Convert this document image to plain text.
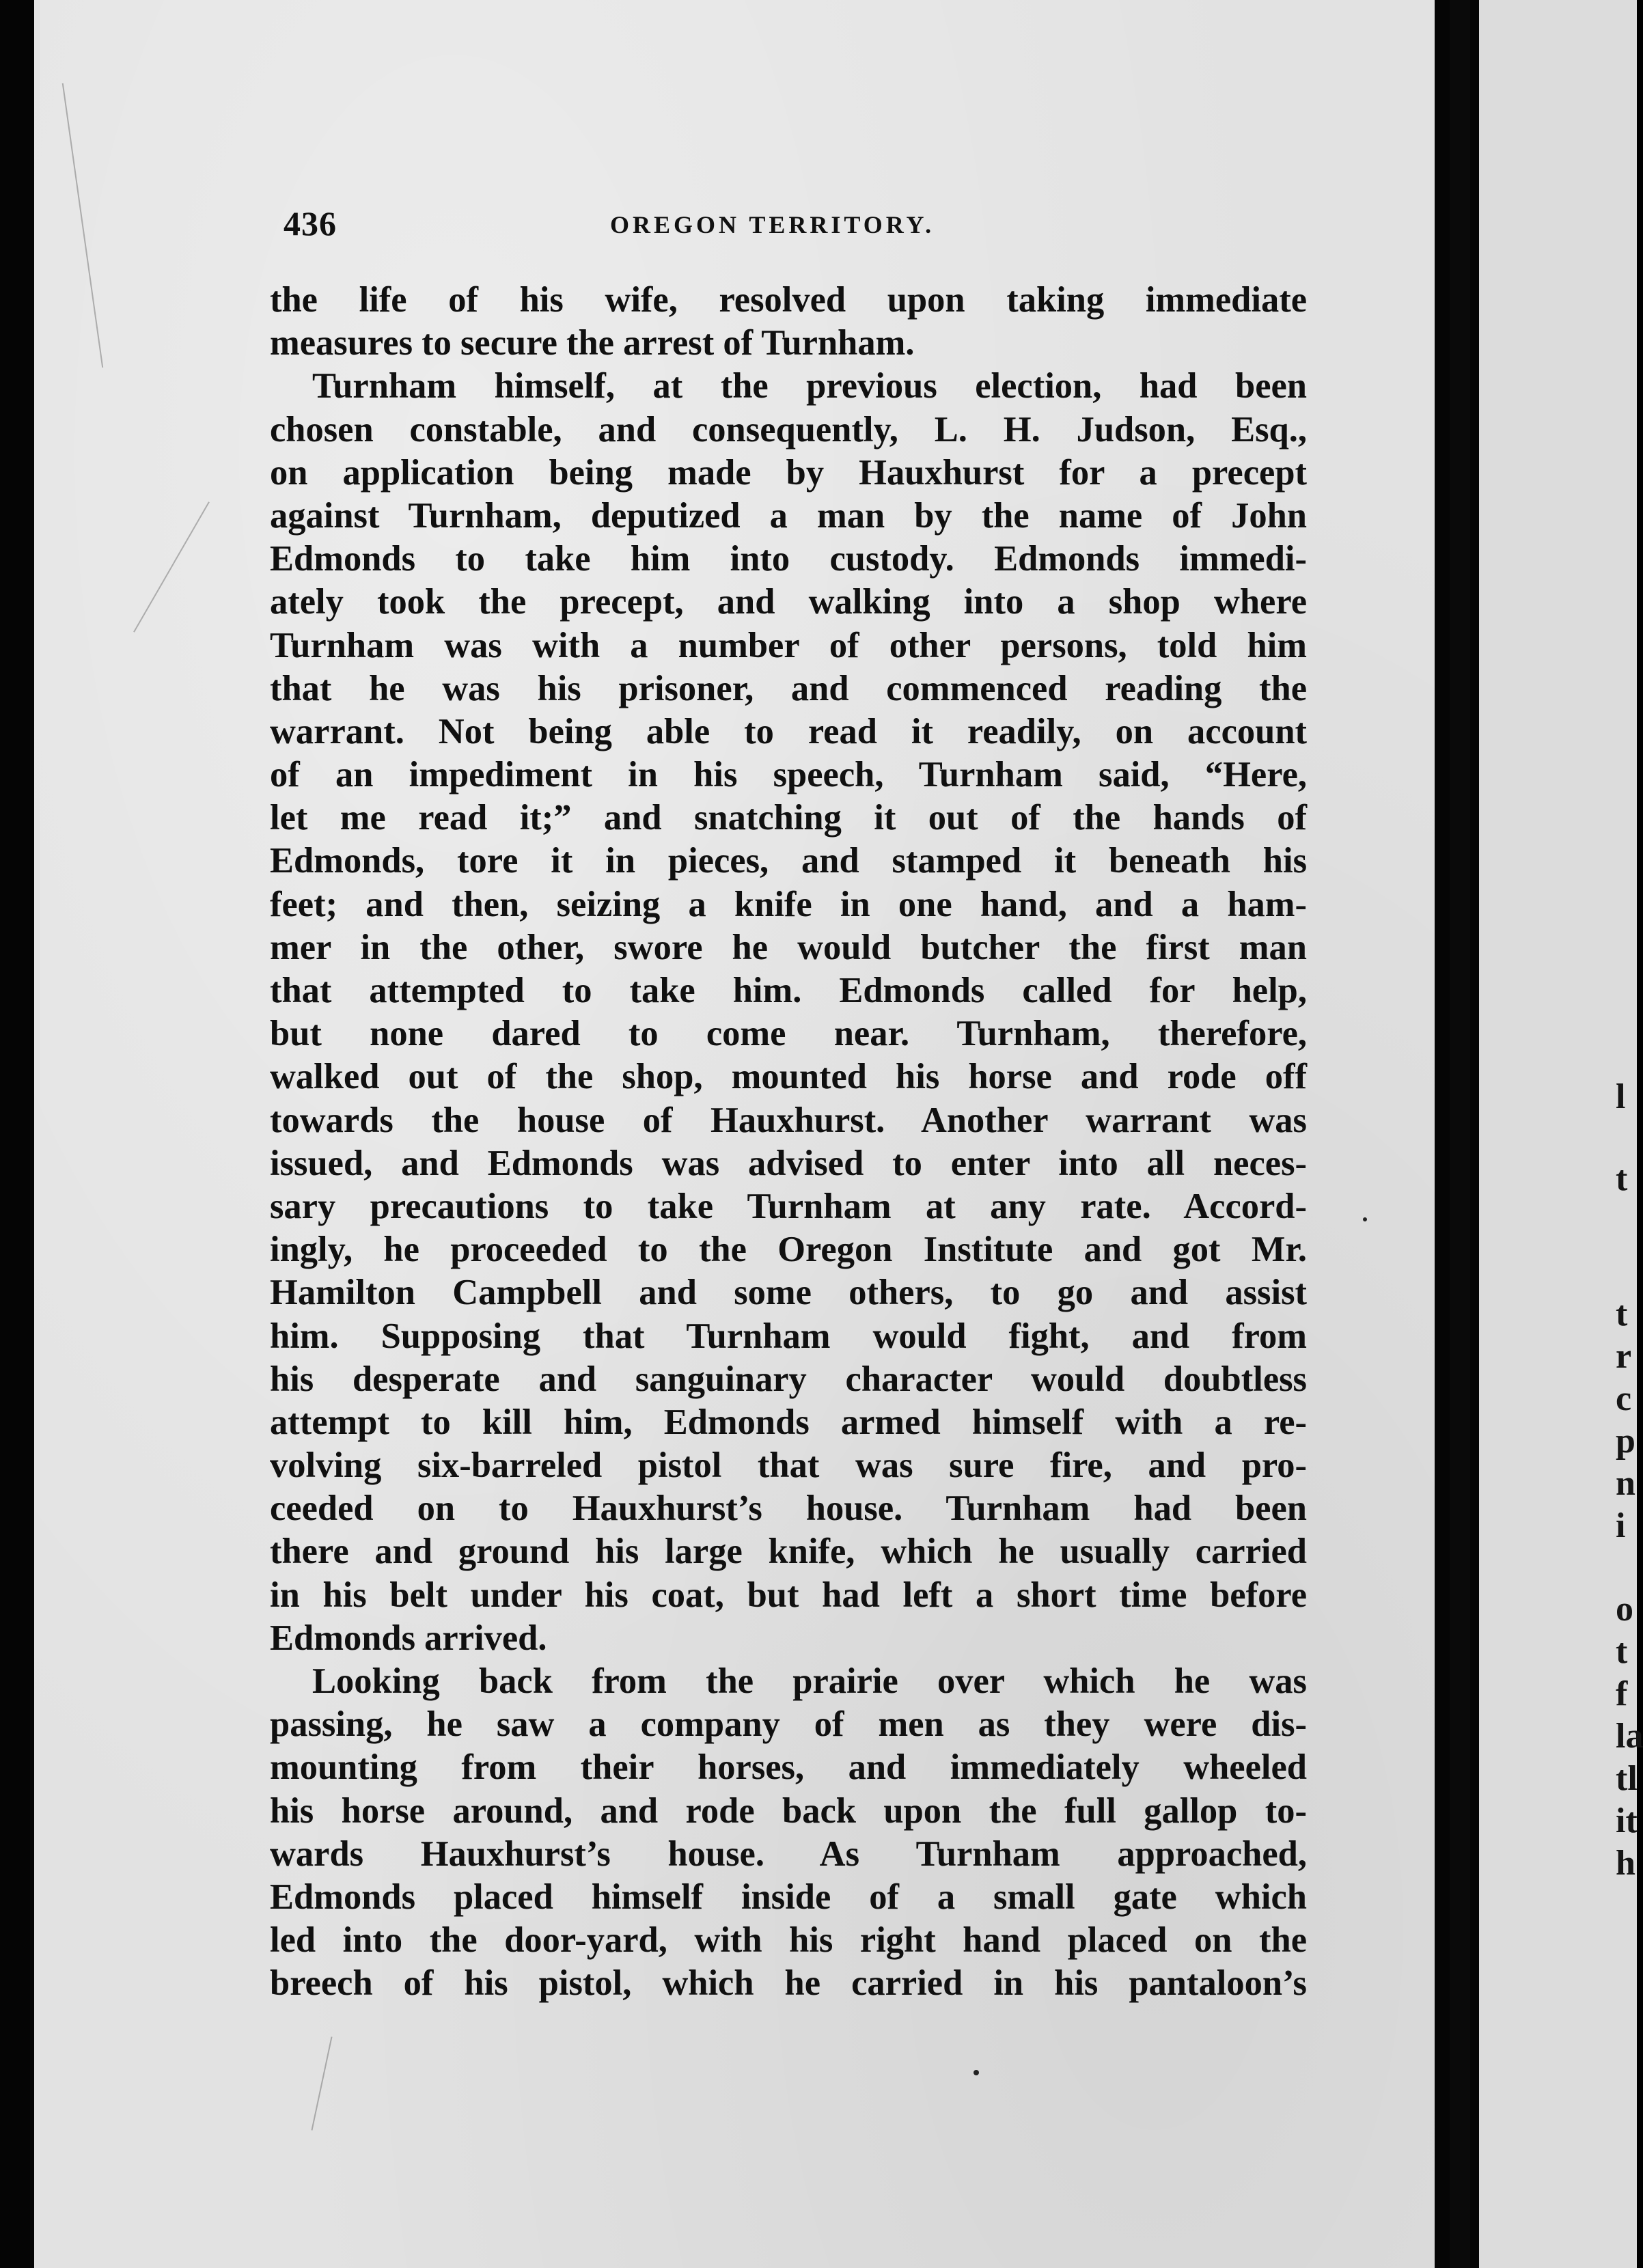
436	OREGON TERRITORY.
the life of his wife, resolved upon taking immediate
measures to secure the arrest of Turnham.
Turnham himself, at the previous election, had been
chosen constable, and consequently, L. H. Judson, Esq.,
on application being made by Hauxhurst for a precept
against Turnham, deputized a man by the name of John
Edmonds to take him into custody. Edmonds immedi-
ately took the precept, and walking into a shop where
Turnham was with a number of other persons, told him
that he was his prisoner, and commenced reading the
warrant. Not being able to read it readily, on account
of an impediment in his speech, Turnham said, “Here,
let me read it;” and snatching it out of the hands of
Edmonds, tore it in pieces, and stamped it beneath his
feet; and then, seizing a knife in one hand, and a ham-
mer in the other, swore he would butcher the first man
that attempted to take him. Edmonds called for help,
but none dared to come near. Turnham, therefore,
walked out of the shop, mounted his horse and rode off
towards the house of Hauxhurst. Another warrant was
issued, and Edmonds was advised to enter into all neces-
sary precautions to take Turnham at any rate. Accord-
ingly, he proceeded to the Oregon Institute and got Mr.
Hamilton Campbell and some others, to go and assist
him. Supposing that Turnham would fight, and from
his desperate and sanguinary character would doubtless
attempt to kill him, Edmonds armed himself with a re-
volving six-barreled pistol that was sure fire, and pro-
ceeded on to Hauxhurst’s house. Turnham had been
there and ground his large knife, which he usually carried
in his belt under his coat, but had left a short time before
Edmonds arrived.
Looking back from the prairie over which he was
passing, he saw a company of men as they were dis-
mounting from their horses, and immediately wheeled
his horse around, and rode back upon the full gallop to-
wards Hauxhurst’s house. As Turnham approached,
Edmonds placed himself inside of a small gate which
led into the door-yard, with his right hand placed on the
breech of his pistol, which he carried in his pantaloon’s
t
r
c
p
n
i
o
t
f
la
tl
it
h
l
t
